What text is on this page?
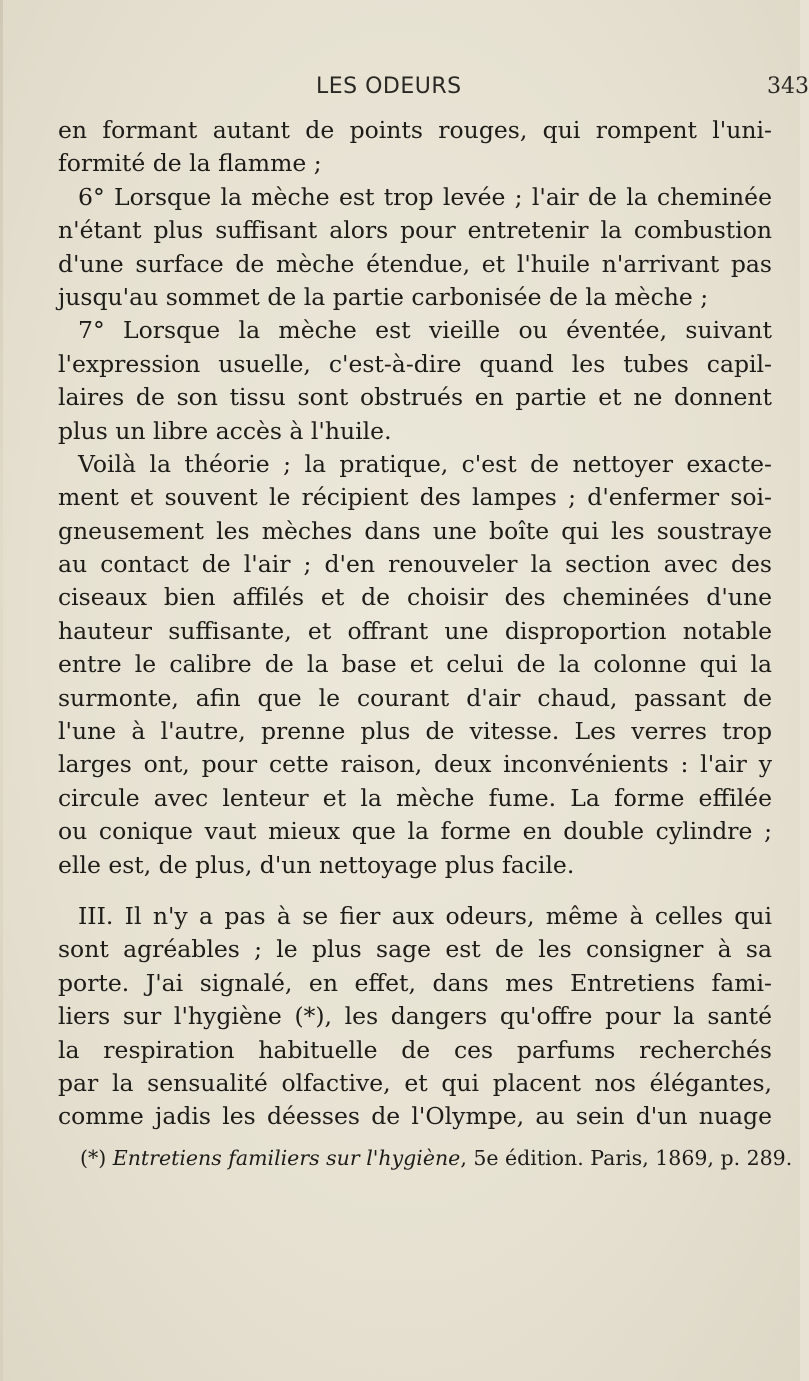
LES ODEURS	343
en formant autant de points rouges, qui rompent l'uni-
formité de la flamme ;
6° Lorsque la mèche est trop levée ; l'air de la cheminée
n'étant plus suffisant alors pour entretenir la combustion
d'une surface de mèche étendue, et l'huile n'arrivant pas
jusqu'au sommet de la partie carbonisée de la mèche ;
7° Lorsque la mèche est vieille ou éventée, suivant
l'expression usuelle, c'est-à-dire quand les tubes capil-
laires de son tissu sont obstrués en partie et ne donnent
plus un libre accès à l'huile.
Voilà la théorie ; la pratique, c'est de nettoyer exacte-
ment et souvent le récipient des lampes ; d'enfermer soi-
gneusement les mèches dans une boîte qui les soustraye
au contact de l'air ; d'en renouveler la section avec des
ciseaux bien affilés et de choisir des cheminées d'une
hauteur suffisante, et offrant une disproportion notable
entre le calibre de la base et celui de la colonne qui la
surmonte, afin que le courant d'air chaud, passant de
l'une à l'autre, prenne plus de vitesse. Les verres trop
larges ont, pour cette raison, deux inconvénients : l'air y
circule avec lenteur et la mèche fume. La forme effilée
ou conique vaut mieux que la forme en double cylindre ;
elle est, de plus, d'un nettoyage plus facile.
III. Il n'y a pas à se fier aux odeurs, même à celles qui
sont agréables ; le plus sage est de les consigner à sa
porte. J'ai signalé, en effet, dans mes Entretiens fami-
liers sur l'hygiène (*), les dangers qu'offre pour la santé
la respiration habituelle de ces parfums recherchés
par la sensualité olfactive, et qui placent nos élégantes,
comme jadis les déesses de l'Olympe, au sein d'un nuage
(*) Entretiens familiers sur l'hygiène, 5e édition. Paris, 1869, p. 289.
